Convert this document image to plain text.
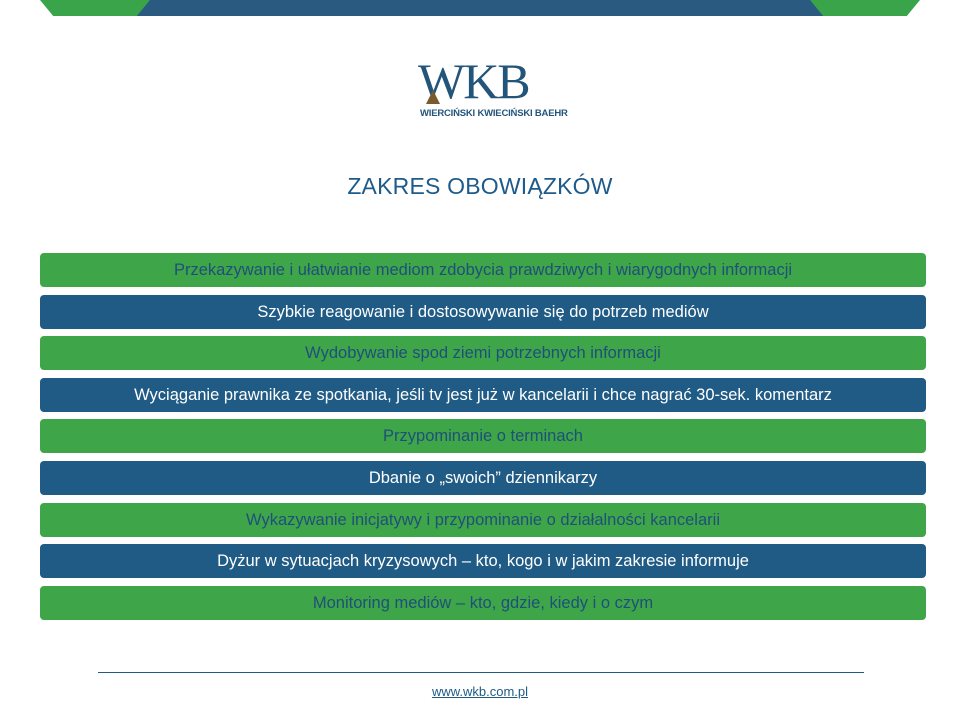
WKB
WIERCIŃSKI KWIECIŃSKI BAEHR
ZAKRES OBOWIĄZKÓW
Przekazywanie i ułatwianie mediom zdobycia prawdziwych i wiarygodnych informacji
Szybkie reagowanie i dostosowywanie się do potrzeb mediów
Wydobywanie spod ziemi potrzebnych informacji
Wyciąganie prawnika ze spotkania, jeśli tv jest już w kancelarii i chce nagrać 30-sek. komentarz
Przypominanie o terminach
Dbanie o „swoich” dziennikarzy
Wykazywanie inicjatywy i przypominanie o działalności kancelarii
Dyżur w sytuacjach kryzysowych – kto, kogo i w jakim zakresie informuje
Monitoring mediów – kto, gdzie, kiedy i o czym
www.wkb.com.pl
